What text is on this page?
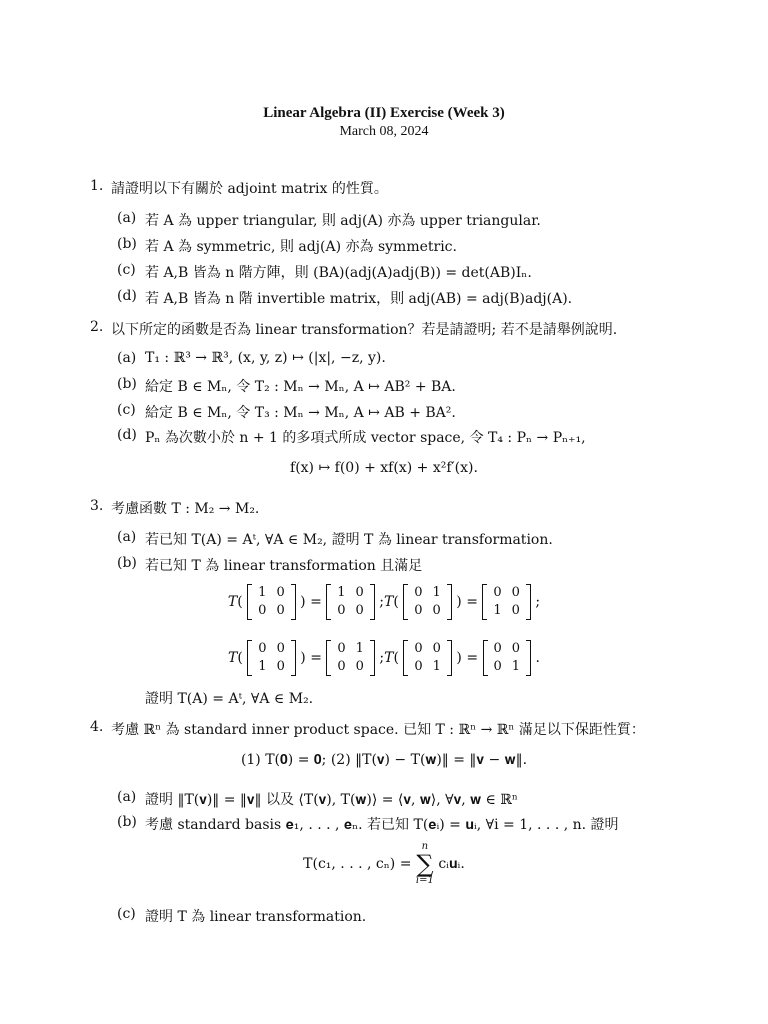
Linear Algebra (II) Exercise (Week 3)
March 08, 2024
1. 請證明以下有關於 adjoint matrix 的性質。
(a) 若 A 為 upper triangular, 則 adj(A) 亦為 upper triangular.
(b) 若 A 為 symmetric, 則 adj(A) 亦為 symmetric.
(c) 若 A,B 皆為 n 階方陣，則 (BA)(adj(A)adj(B)) = det(AB)Iₙ.
(d) 若 A,B 皆為 n 階 invertible matrix，則 adj(AB) = adj(B)adj(A).
2. 以下所定的函數是否為 linear transformation？若是請證明; 若不是請舉例說明.
(a) T₁ : ℝ³ → ℝ³, (x, y, z) ↦ (|x|, −z, y).
(b) 給定 B ∈ Mₙ, 令 T₂ : Mₙ → Mₙ, A ↦ AB² + BA.
(c) 給定 B ∈ Mₙ, 令 T₃ : Mₙ → Mₙ, A ↦ AB + BA².
(d) Pₙ 為次數小於 n + 1 的多項式所成 vector space, 令 T₄ : Pₙ → Pₙ₊₁,
f(x) ↦ f(0) + xf(x) + x²f′(x).
3. 考慮函數 T : M₂ → M₂.
(a) 若已知 T(A) = Aᵗ, ∀A ∈ M₂, 證明 T 為 linear transformation.
(b) 若已知 T 為 linear transformation 且滿足
T(
1	0
0	0
) =
1	0
0	0
;T(
0	1
0	0
) =
0	0
1	0
;
T(
0	0
1	0
) =
0	1
0	0
;T(
0	0
0	1
) =
0	0
0	1
.
證明 T(A) = Aᵗ, ∀A ∈ M₂.
4. 考慮 ℝⁿ 為 standard inner product space. 已知 T : ℝⁿ → ℝⁿ 滿足以下保距性質：
(1) T(𝟎) = 𝟎; (2) ‖T(𝐯) − T(𝐰)‖ = ‖𝐯 − 𝐰‖.
(a) 證明 ‖T(𝐯)‖ = ‖𝐯‖ 以及 ⟨T(𝐯), T(𝐰)⟩ = ⟨𝐯, 𝐰⟩, ∀𝐯, 𝐰 ∈ ℝⁿ
(b) 考慮 standard basis 𝐞₁, . . . , 𝐞ₙ. 若已知 T(𝐞ᵢ) = 𝐮ᵢ, ∀i = 1, . . . , n. 證明
T(c₁, . . . , cₙ) =
n
∑
i=1
cᵢ𝐮ᵢ.
(c) 證明 T 為 linear transformation.
